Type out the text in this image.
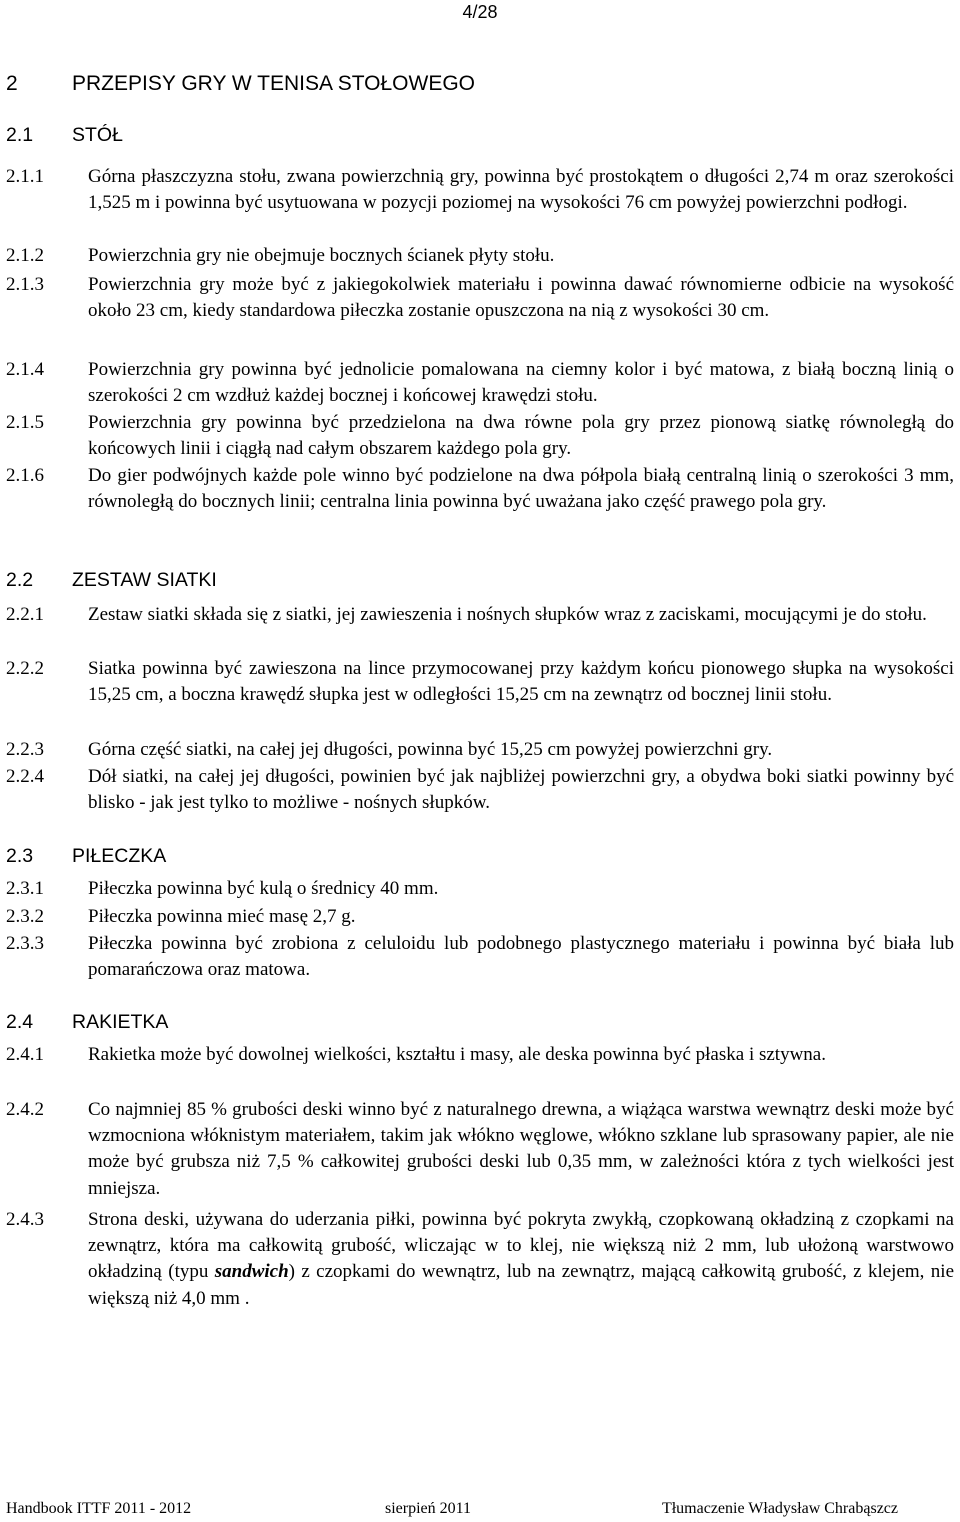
4/28
2	PRZEPISY GRY W TENISA STOŁOWEGO
2.1 STÓŁ
2.1.1 Górna płaszczyzna stołu, zwana powierzchnią gry, powinna być prostokątem o długości 2,74 m oraz szerokości 1,525 m i powinna być usytuowana w pozycji poziomej na wysokości 76 cm powyżej powierzchni podłogi.
2.1.2 Powierzchnia gry nie obejmuje bocznych ścianek płyty stołu.
2.1.3 Powierzchnia gry może być z jakiegokolwiek materiału i powinna dawać równomierne odbicie na wysokość około 23 cm, kiedy standardowa piłeczka zostanie opuszczona na nią z wysokości 30 cm.
2.1.4 Powierzchnia gry powinna być jednolicie pomalowana na ciemny kolor i być matowa, z białą boczną linią o szerokości 2 cm wzdłuż każdej bocznej i końcowej krawędzi stołu.
2.1.5 Powierzchnia gry powinna być przedzielona na dwa równe pola gry przez pionową siatkę równoległą do końcowych linii i ciągłą nad całym obszarem każdego pola gry.
2.1.6 Do gier podwójnych każde pole winno być podzielone na dwa półpola białą centralną linią o szerokości 3 mm, równoległą do bocznych linii; centralna linia powinna być uważana jako część prawego pola gry.
2.2 ZESTAW SIATKI
2.2.1 Zestaw siatki składa się z siatki, jej zawieszenia i nośnych słupków wraz z zaciskami, mocującymi je do stołu.
2.2.2 Siatka powinna być zawieszona na lince przymocowanej przy każdym końcu pionowego słupka na wysokości 15,25 cm, a boczna krawędź słupka jest w odległości 15,25 cm na zewnątrz od bocznej linii stołu.
2.2.3 Górna część siatki, na całej jej długości, powinna być 15,25 cm powyżej powierzchni gry.
2.2.4 Dół siatki, na całej jej długości, powinien być jak najbliżej powierzchni gry, a obydwa boki siatki powinny być blisko - jak jest tylko to możliwe - nośnych słupków.
2.3 PIŁECZKA
2.3.1 Piłeczka powinna być kulą o średnicy 40 mm.
2.3.2 Piłeczka powinna mieć masę 2,7 g.
2.3.3 Piłeczka powinna być zrobiona z celuloidu lub podobnego plastycznego materiału i powinna być biała lub pomarańczowa oraz matowa.
2.4 RAKIETKA
2.4.1 Rakietka może być dowolnej wielkości, kształtu i masy, ale deska powinna być płaska i sztywna.
2.4.2 Co najmniej 85 % grubości deski winno być z naturalnego drewna, a wiążąca warstwa wewnątrz deski może być wzmocniona włóknistym materiałem, takim jak włókno węglowe, włókno szklane lub sprasowany papier, ale nie może być grubsza niż 7,5 % całkowitej grubości deski lub 0,35 mm, w zależności która z tych wielkości jest mniejsza.
2.4.3 Strona deski, używana do uderzania piłki, powinna być pokryta zwykłą, czopkowaną okładziną z czopkami na zewnątrz, która ma całkowitą grubość, wliczając w to klej, nie większą niż 2 mm, lub ułożoną warstwowo okładziną (typu sandwich) z czopkami do wewnątrz, lub na zewnątrz, mającą całkowitą grubość, z klejem, nie większą niż 4,0 mm .
Handbook ITTF 2011 - 2012	sierpień 2011	Tłumaczenie Władysław Chrabąszcz
